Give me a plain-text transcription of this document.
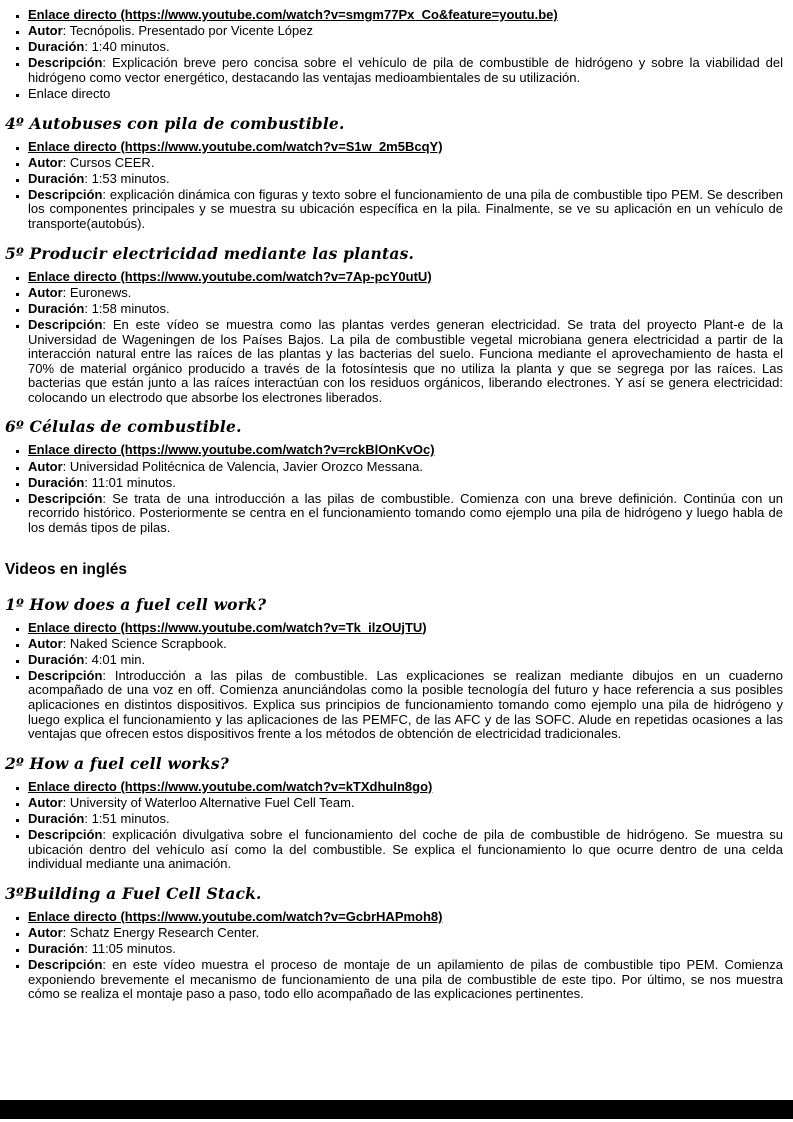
▪ Enlace directo (https://www.youtube.com/watch?v=smgm77Px_Co&feature=youtu.be)
▪ Autor: Tecnópolis. Presentado por Vicente López
▪ Duración: 1:40 minutos.
▪ Descripción: Explicación breve pero concisa sobre el vehículo de pila de combustible de hidrógeno y sobre la viabilidad del hidrógeno como vector energético, destacando las ventajas medioambientales de su utilización.
▪ Enlace directo
4º Autobuses con pila de combustible.
▪ Enlace directo (https://www.youtube.com/watch?v=S1w_2m5BcqY)
▪ Autor: Cursos CEER.
▪ Duración: 1:53 minutos.
▪ Descripción: explicación dinámica con figuras y texto sobre el funcionamiento de una pila de combustible tipo PEM. Se describen los componentes principales y se muestra su ubicación específica en la pila. Finalmente, se ve su aplicación en un vehículo de transporte(autobús).
5º Producir electricidad mediante las plantas.
▪ Enlace directo (https://www.youtube.com/watch?v=7Ap-pcY0utU)
▪ Autor: Euronews.
▪ Duración: 1:58 minutos.
▪ Descripción: En este vídeo se muestra como las plantas verdes generan electricidad. Se trata del proyecto Plant-e de la Universidad de Wageningen de los Países Bajos. La pila de combustible vegetal microbiana genera electricidad a partir de la interacción natural entre las raíces de las plantas y las bacterias del suelo. Funciona mediante el aprovechamiento de hasta el 70% de material orgánico producido a través de la fotosíntesis que no utiliza la planta y que se segrega por las raíces. Las bacterias que están junto a las raíces interactúan con los residuos orgánicos, liberando electrones. Y así se genera electricidad: colocando un electrodo que absorbe los electrones liberados.
6º Células de combustible.
▪ Enlace directo (https://www.youtube.com/watch?v=rckBlOnKvOc)
▪ Autor: Universidad Politécnica de Valencia, Javier Orozco Messana.
▪ Duración: 11:01 minutos.
▪ Descripción: Se trata de una introducción a las pilas de combustible. Comienza con una breve definición. Continúa con un recorrido histórico. Posteriormente se centra en el funcionamiento tomando como ejemplo una pila de hidrógeno y luego habla de los demás tipos de pilas.
Videos en inglés
1º How does a fuel cell work?
▪ Enlace directo (https://www.youtube.com/watch?v=Tk_ilzOUjTU)
▪ Autor: Naked Science Scrapbook.
▪ Duración: 4:01 min.
▪ Descripción: Introducción a las pilas de combustible. Las explicaciones se realizan mediante dibujos en un cuaderno acompañado de una voz en off. Comienza anunciándolas como la posible tecnología del futuro y hace referencia a sus posibles aplicaciones en distintos dispositivos. Explica sus principios de funcionamiento tomando como ejemplo una pila de hidrógeno y luego explica el funcionamiento y las aplicaciones de las PEMFC, de las AFC y de las SOFC. Alude en repetidas ocasiones a las ventajas que ofrecen estos dispositivos frente a los métodos de obtención de electricidad tradicionales.
2º How a fuel cell works?
▪ Enlace directo (https://www.youtube.com/watch?v=kTXdhuIn8go)
▪ Autor: University of Waterloo Alternative Fuel Cell Team.
▪ Duración: 1:51 minutos.
▪ Descripción: explicación divulgativa sobre el funcionamiento del coche de pila de combustible de hidrógeno. Se muestra su ubicación dentro del vehículo así como la del combustible. Se explica el funcionamiento lo que ocurre dentro de una celda individual mediante una animación.
3ºBuilding a Fuel Cell Stack.
▪ Enlace directo (https://www.youtube.com/watch?v=GcbrHAPmoh8)
▪ Autor: Schatz Energy Research Center.
▪ Duración: 11:05 minutos.
▪ Descripción: en este vídeo muestra el proceso de montaje de un apilamiento de pilas de combustible tipo PEM. Comienza exponiendo brevemente el mecanismo de funcionamiento de una pila de combustible de este tipo. Por último, se nos muestra cómo se realiza el montaje paso a paso, todo ello acompañado de las explicaciones pertinentes.
